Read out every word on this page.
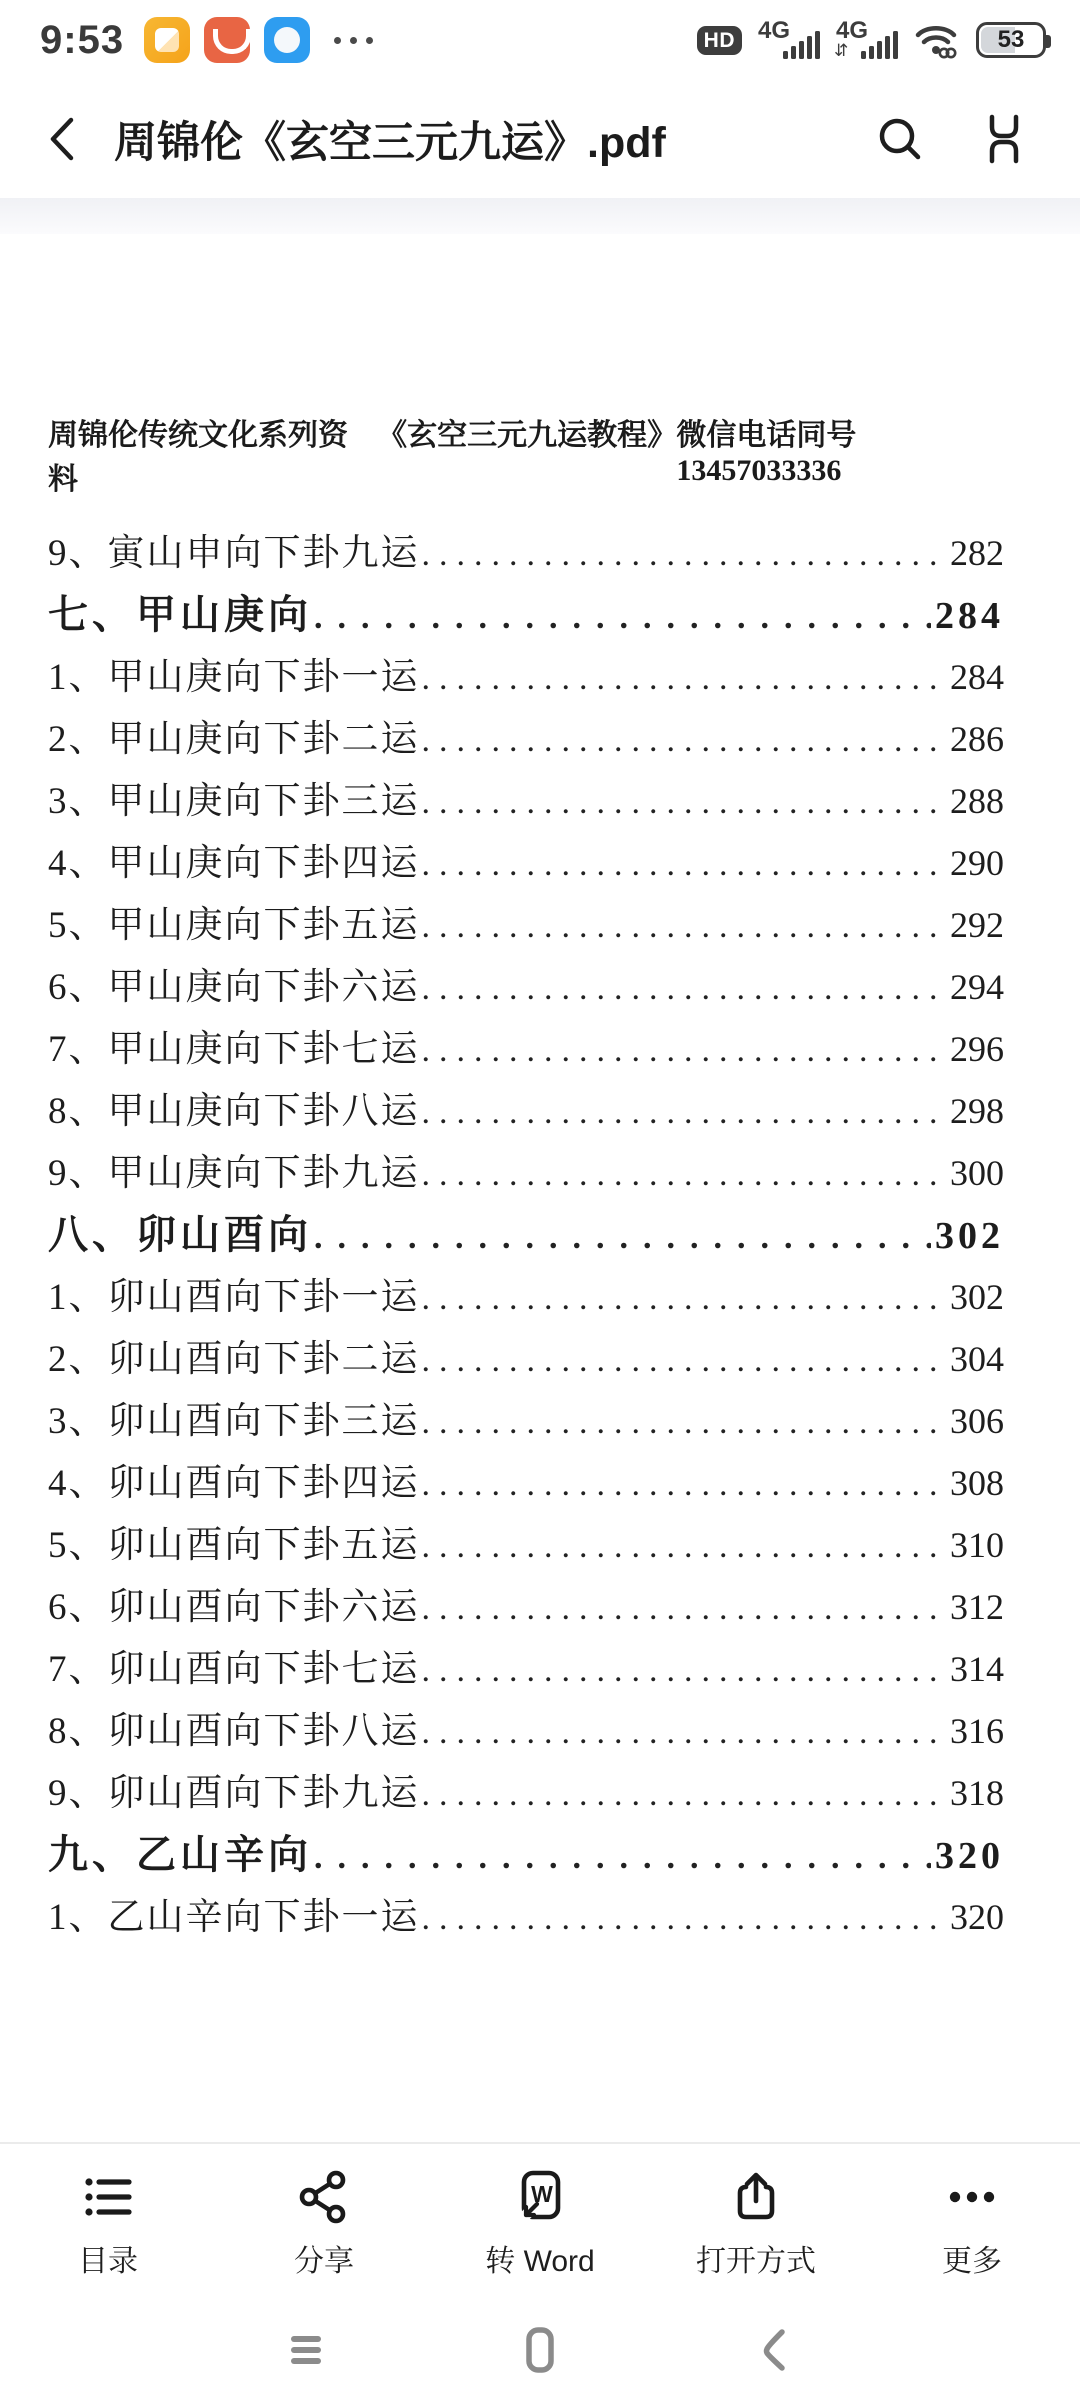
9:53	HD 4G 4G
⇵	53
周锦伦《玄空三元九运》.pdf
周锦伦传统文化系列资料
《玄空三元九运教程》 微信电话同号 13457033336
9、寅山申向下卦九运 .....	282
七、甲山庚向 .....	284
1、甲山庚向下卦一运 .....	284
2、甲山庚向下卦二运 .....	286
3、甲山庚向下卦三运 .....	288
4、甲山庚向下卦四运 .....	290
5、甲山庚向下卦五运 .....	292
6、甲山庚向下卦六运 .....	294
7、甲山庚向下卦七运 .....	296
8、甲山庚向下卦八运 .....	298
9、甲山庚向下卦九运 .....	300
八、卯山酉向 .....	302
1、卯山酉向下卦一运 .....	302
2、卯山酉向下卦二运 .....	304
3、卯山酉向下卦三运 .....	306
4、卯山酉向下卦四运 .....	308
5、卯山酉向下卦五运 .....	310
6、卯山酉向下卦六运 .....	312
7、卯山酉向下卦七运 .....	314
8、卯山酉向下卦八运 .....	316
9、卯山酉向下卦九运 .....	318
九、乙山辛向 .....	320
1、乙山辛向下卦一运 .....	320
目录	分享
W
转 Word	打开方式	更多
